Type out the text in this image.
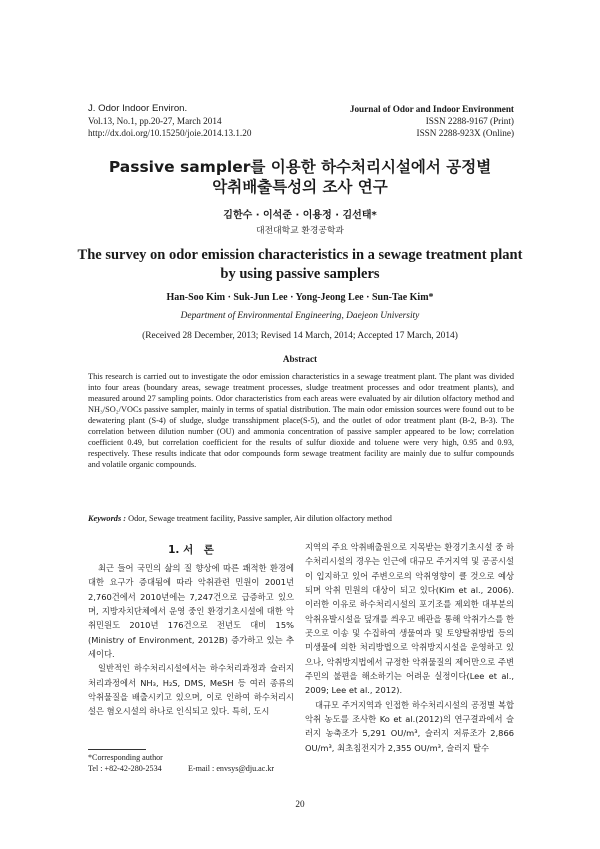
J. Odor Indoor Environ.
Vol.13, No.1, pp.20-27, March 2014
http://dx.doi.org/10.15250/joie.2014.13.1.20
Journal of Odor and Indoor Environment
ISSN 2288-9167 (Print)
ISSN 2288-923X (Online)
Passive sampler를 이용한 하수처리시설에서 공정별
악취배출특성의 조사 연구
김한수 · 이석준 · 이용정 · 김선태*
대전대학교 환경공학과
The survey on odor emission characteristics in a sewage treatment plant
by using passive samplers
Han-Soo Kim · Suk-Jun Lee · Yong-Jeong Lee · Sun-Tae Kim*
Department of Environmental Engineering, Daejeon University
(Received 28 December, 2013; Revised 14 March, 2014; Accepted 17 March, 2014)
Abstract
This research is carried out to investigate the odor emission characteristics in a sewage treatment plant. The plant was divided into four areas (boundary areas, sewage treatment processes, sludge treatment processes and odor treatment plants), and measured around 27 sampling points. Odor characteristics from each areas were evaluated by air dilution olfactory method and NH₃/SO₂/VOCs passive sampler, mainly in terms of spatial distribution. The main odor emission sources were found out to be dewatering plant (S-4) of sludge, sludge transshipment place(S-5), and the outlet of odor treatment plant (B-2, B-3). The correlation between dilution number (OU) and ammonia concentration of passive sampler appeared to be low; correlation coefficient 0.49, but correlation coefficient for the results of sulfur dioxide and toluene were very high, 0.95 and 0.93, respectively. These results indicate that odor compounds form sewage treatment facility are mainly due to sulfur compounds and volatile organic compounds.
Keywords : Odor, Sewage treatment facility, Passive sampler, Air dilution olfactory method
1. 서　론

최근 들어 국민의 삶의 질 향상에 따른 쾌적한 환경에 대한 요구가 증대됨에 따라 악취관련 민원이 2001년 2,760건에서 2010년에는 7,247건으로 급증하고 있으며, 지방자치단체에서 운영 중인 환경기초시설에 대한 악취민원도 2010년 176건으로 전년도 대비 15% (Ministry of Environment, 2012B) 증가하고 있는 추세이다.

일반적인 하수처리시설에서는 하수처리과정과 슬러지처리과정에서 NH₃, H₂S, DMS, MeSH 등 여러 종류의 악취물질을 배출시키고 있으며, 이로 인하여 하수처리시설은 혐오시설의 하나로 인식되고 있다. 특히, 도시

지역의 주요 악취배출원으로 지목받는 환경기초시설 중 하수처리시설의 경우는 인근에 대규모 주거지역 및 공공시설이 입지하고 있어 주변으로의 악취영향이 클 것으로 예상되며 악취 민원의 대상이 되고 있다(Kim et al., 2006). 이러한 이유로 하수처리시설의 포기조를 제외한 대부분의 악취유발시설을 덮개를 씌우고 배관을 통해 악취가스를 한 곳으로 이송 및 수집하여 생물여과 및 토양탈취방법 등의 미생물에 의한 처리방법으로 악취방지시설을 운영하고 있으나, 악취방지법에서 규정한 악취물질의 제어만으로 주변 주민의 불편을 해소하기는 어려운 실정이다(Lee et al., 2009; Lee et al., 2012).

대규모 주거지역과 인접한 하수처리시설의 공정별 복합악취 농도를 조사한 Ko et al.(2012)의 연구결과에서 슬러지 농축조가 5,291 OU/m³, 슬러지 저류조가 2,866 OU/m³, 최초침전지가 2,355 OU/m³, 슬러지 탈수

*Corresponding author
Tel : +82-42-280-2534	E-mail : envsys@dju.ac.kr
20
